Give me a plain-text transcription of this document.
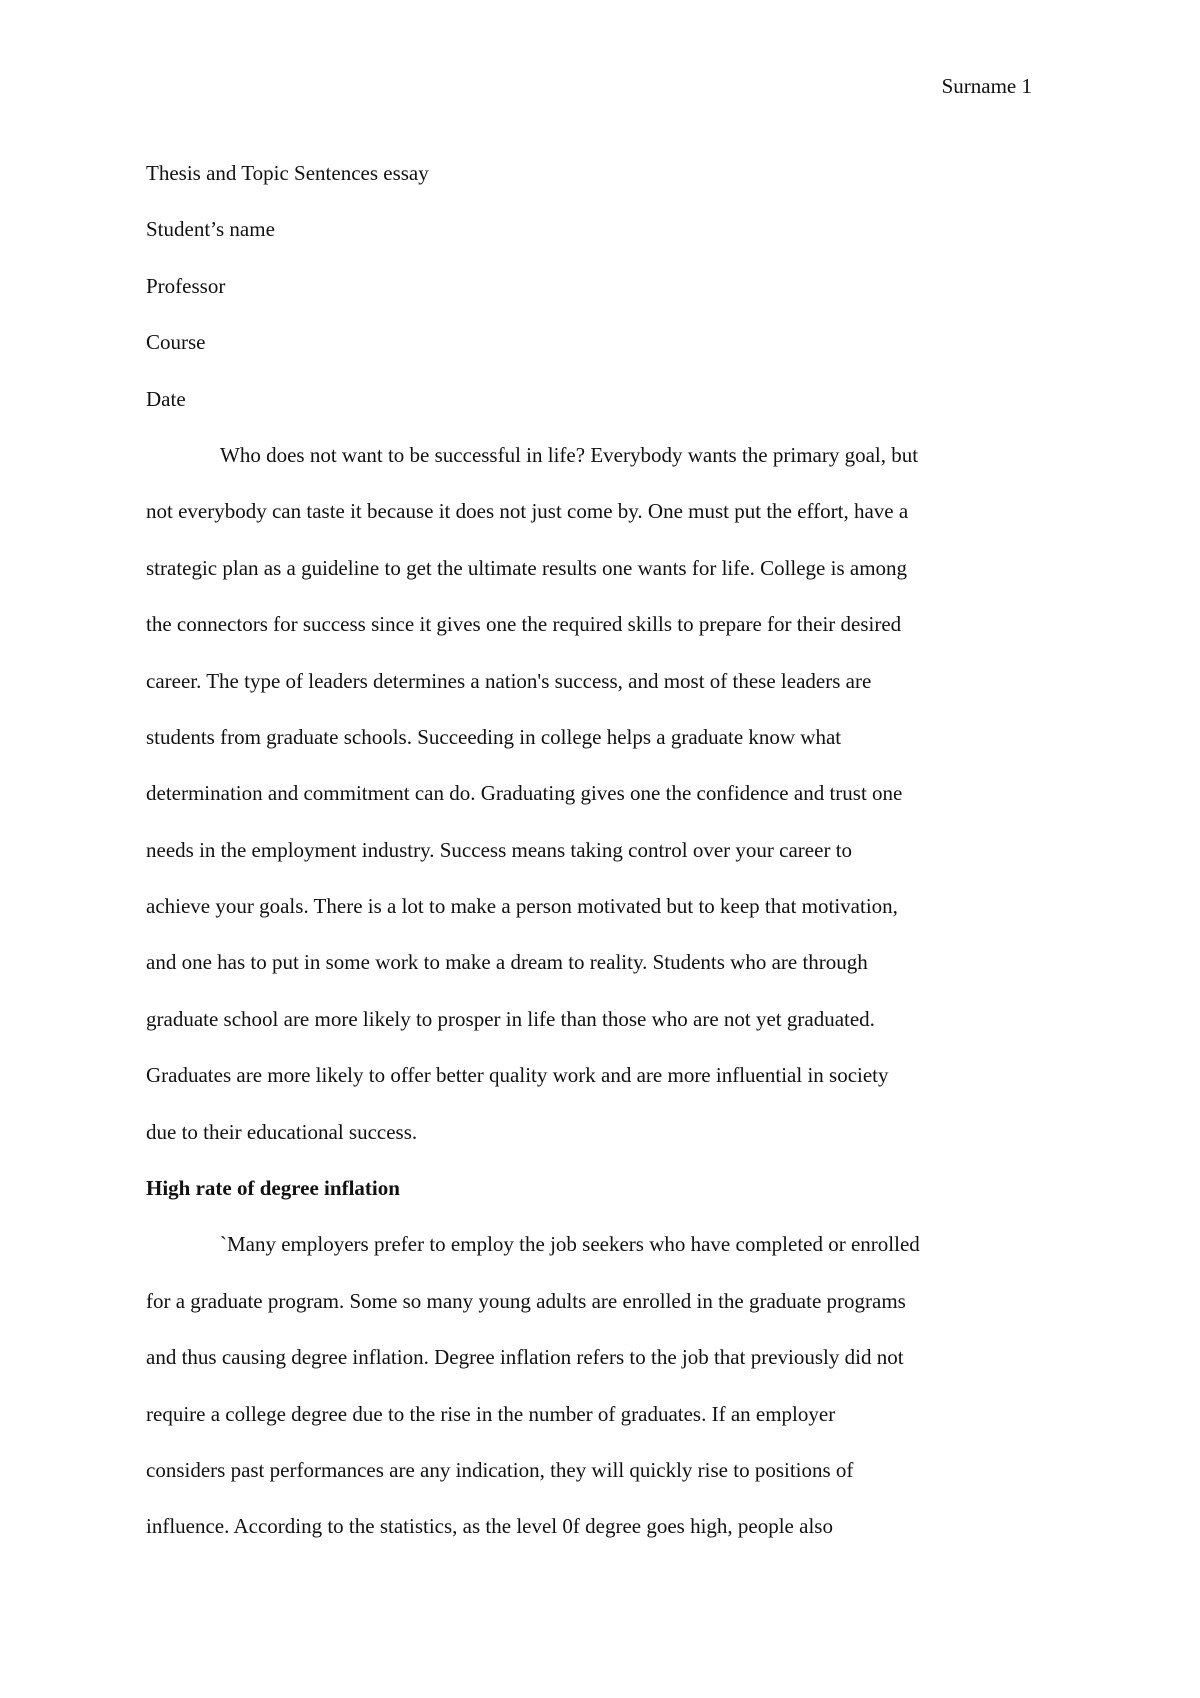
Surname 1

Thesis and Topic Sentences essay

Student’s name

Professor

Course

Date

Who does not want to be successful in life? Everybody wants the primary goal, but

not everybody can taste it because it does not just come by. One must put the effort, have a

strategic plan as a guideline to get the ultimate results one wants for life. College is among

the connectors for success since it gives one the required skills to prepare for their desired

career. The type of leaders determines a nation's success, and most of these leaders are

students from graduate schools. Succeeding in college helps a graduate know what

determination and commitment can do. Graduating gives one the confidence and trust one

needs in the employment industry. Success means taking control over your career to

achieve your goals. There is a lot to make a person motivated but to keep that motivation,

and one has to put in some work to make a dream to reality. Students who are through

graduate school are more likely to prosper in life than those who are not yet graduated.

Graduates are more likely to offer better quality work and are more influential in society

due to their educational success.

High rate of degree inflation

`Many employers prefer to employ the job seekers who have completed or enrolled

for a graduate program. Some so many young adults are enrolled in the graduate programs

and thus causing degree inflation. Degree inflation refers to the job that previously did not

require a college degree due to the rise in the number of graduates. If an employer

considers past performances are any indication, they will quickly rise to positions of

influence. According to the statistics, as the level 0f degree goes high, people also
